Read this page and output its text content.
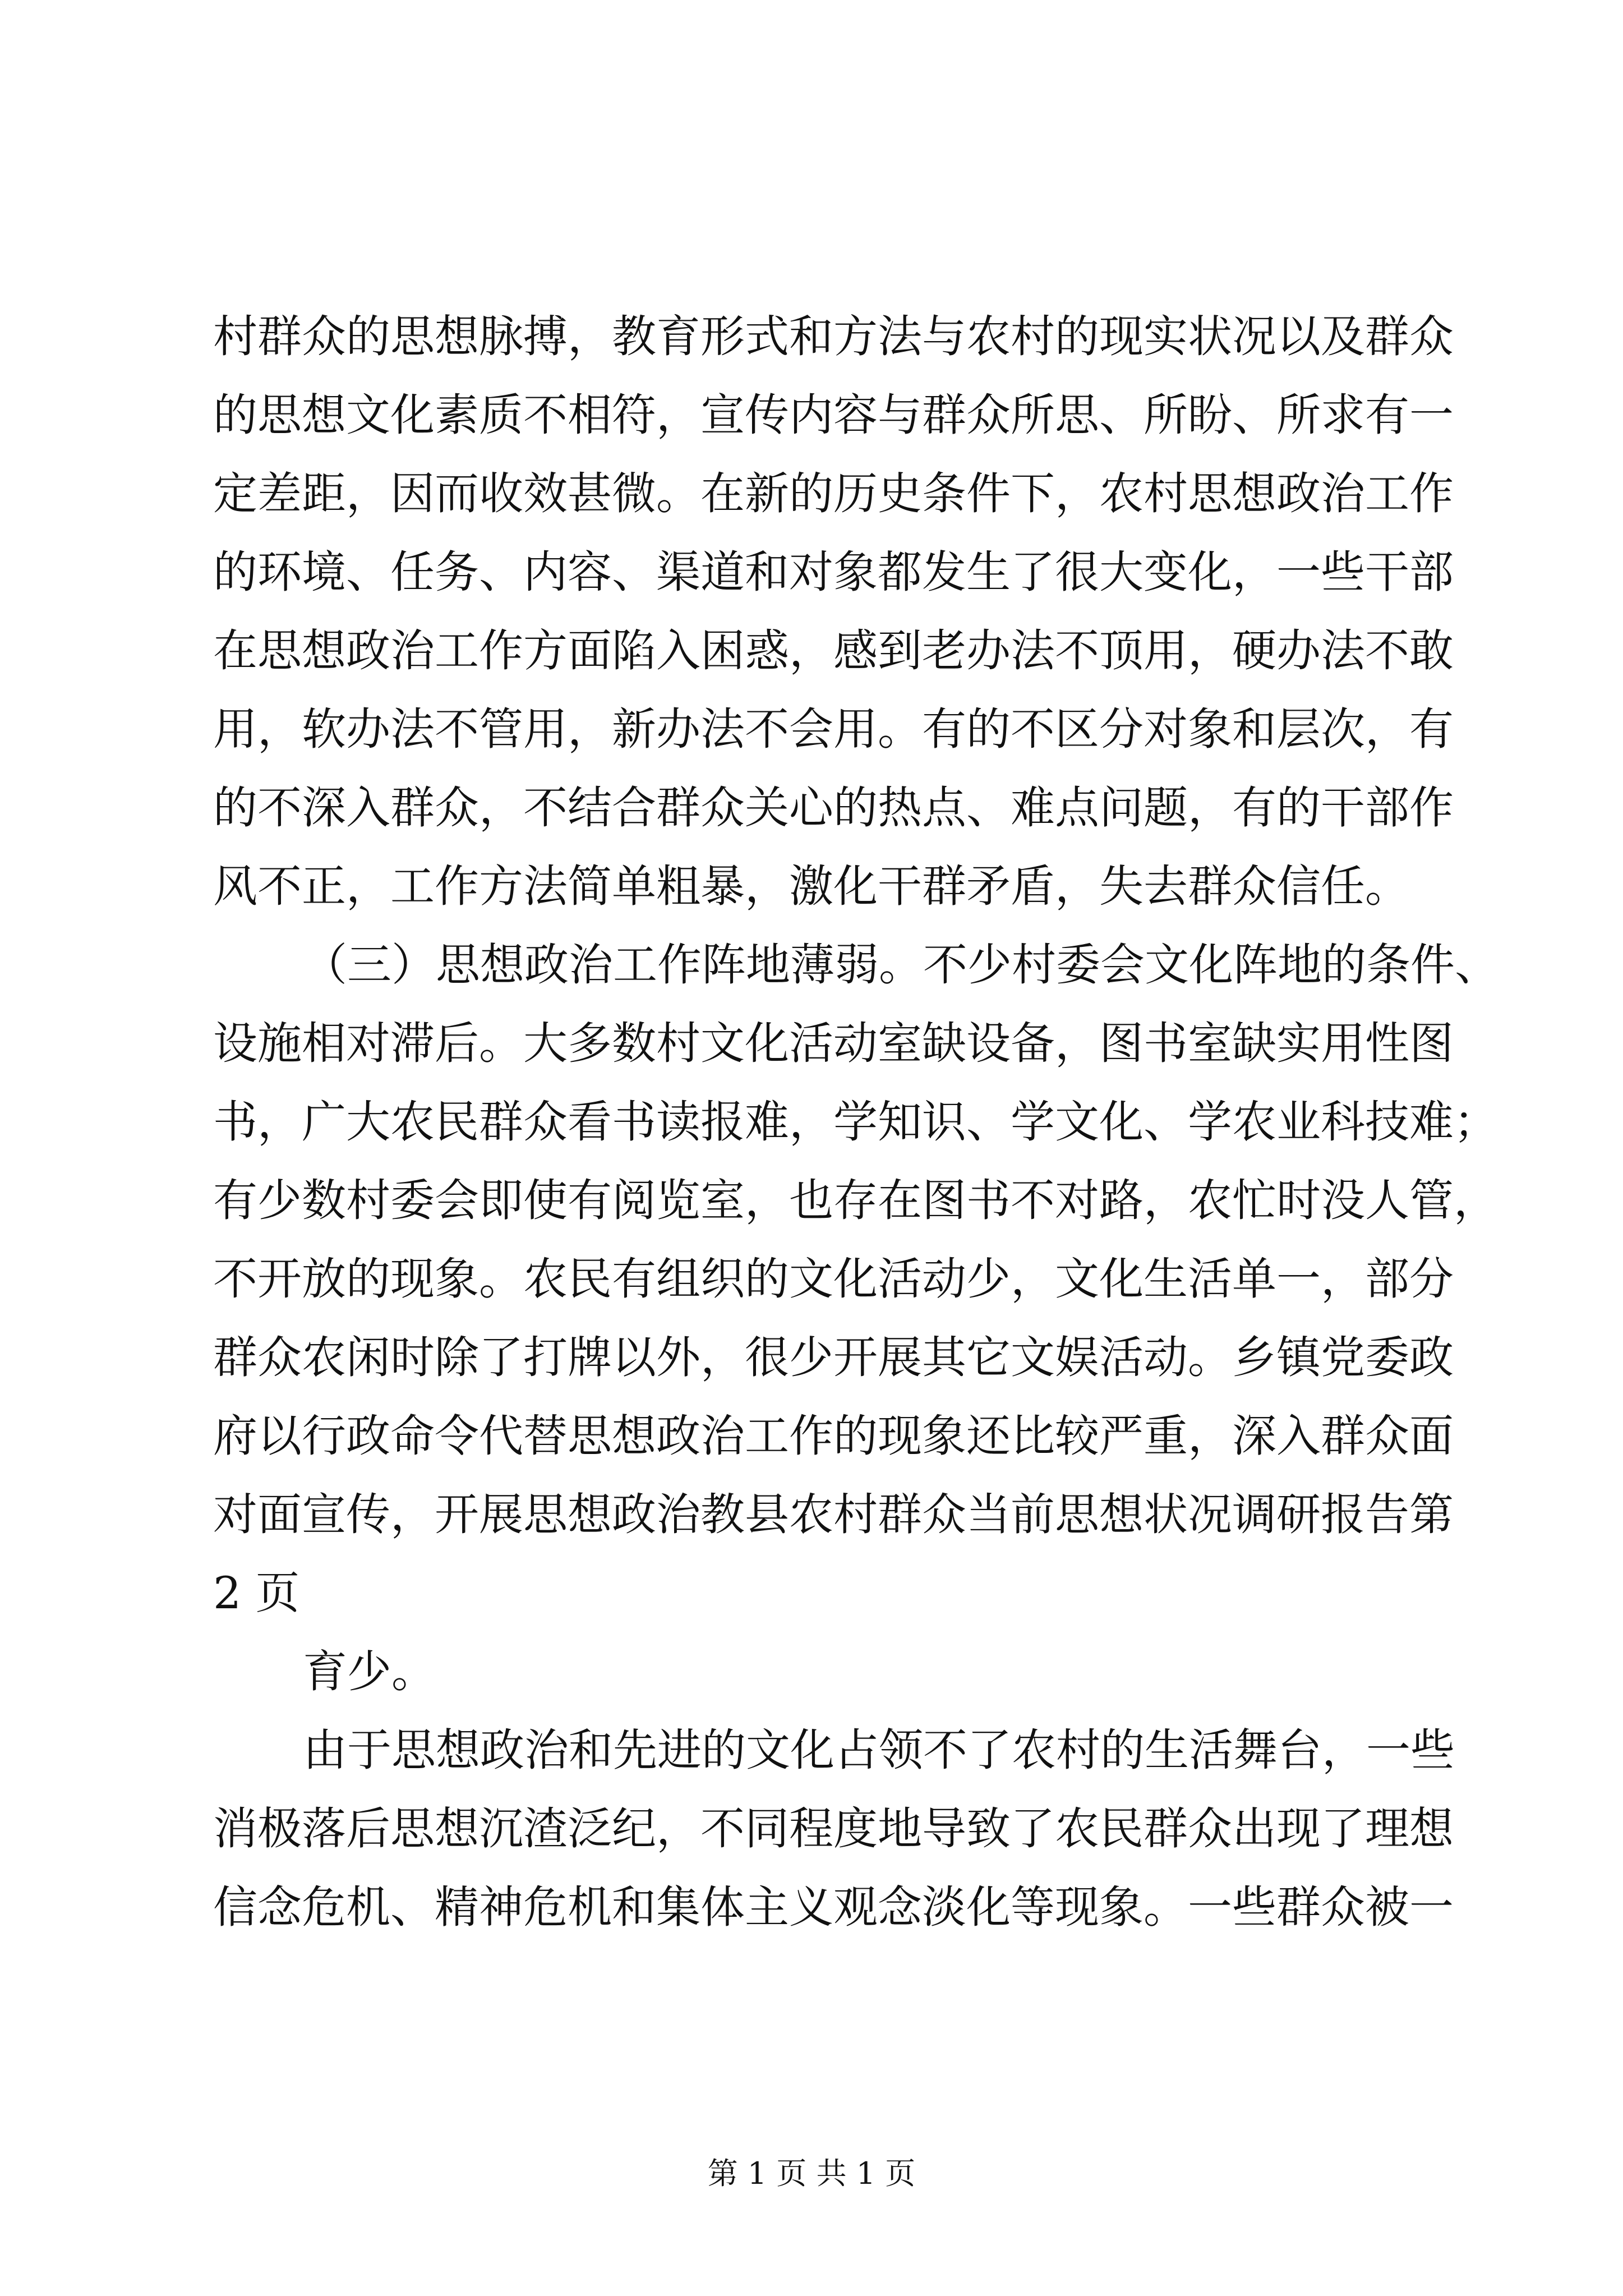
村群众的思想脉搏，教育形式和方法与农村的现实状况以及群众
的思想文化素质不相符，宣传内容与群众所思、所盼、所求有一
定差距，因而收效甚微。在新的历史条件下，农村思想政治工作
的环境、任务、内容、渠道和对象都发生了很大变化，一些干部
在思想政治工作方面陷入困惑，感到老办法不顶用，硬办法不敢
用，软办法不管用，新办法不会用。有的不区分对象和层次，有
的不深入群众，不结合群众关心的热点、难点问题，有的干部作
风不正，工作方法简单粗暴，激化干群矛盾，失去群众信任。
（三）思想政治工作阵地薄弱。不少村委会文化阵地的条件、
设施相对滞后。大多数村文化活动室缺设备，图书室缺实用性图
书，广大农民群众看书读报难，学知识、学文化、学农业科技难；
有少数村委会即使有阅览室，也存在图书不对路，农忙时没人管，
不开放的现象。农民有组织的文化活动少，文化生活单一，部分
群众农闲时除了打牌以外，很少开展其它文娱活动。乡镇党委政
府以行政命令代替思想政治工作的现象还比较严重，深入群众面
对面宣传，开展思想政治教县农村群众当前思想状况调研报告第
2 页
育少。
由于思想政治和先进的文化占领不了农村的生活舞台，一些
消极落后思想沉渣泛纪，不同程度地导致了农民群众出现了理想
信念危机、精神危机和集体主义观念淡化等现象。一些群众被一
第 1 页 共 1 页
